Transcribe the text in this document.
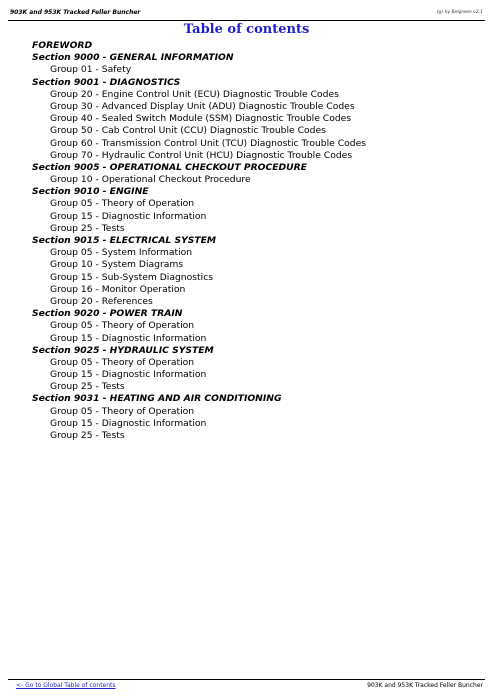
903K and 953K Tracked Feller Buncher	(g) by Belgreen v2.1
Table of contents
FOREWORD
Section 9000 - GENERAL INFORMATION
Group 01 - Safety
Section 9001 - DIAGNOSTICS
Group 20 - Engine Control Unit (ECU) Diagnostic Trouble Codes
Group 30 - Advanced Display Unit (ADU) Diagnostic Trouble Codes
Group 40 - Sealed Switch Module (SSM) Diagnostic Trouble Codes
Group 50 - Cab Control Unit (CCU) Diagnostic Trouble Codes
Group 60 - Transmission Control Unit (TCU) Diagnostic Trouble Codes
Group 70 - Hydraulic Control Unit (HCU) Diagnostic Trouble Codes
Section 9005 - OPERATIONAL CHECKOUT PROCEDURE
Group 10 - Operational Checkout Procedure
Section 9010 - ENGINE
Group 05 - Theory of Operation
Group 15 - Diagnostic Information
Group 25 - Tests
Section 9015 - ELECTRICAL SYSTEM
Group 05 - System Information
Group 10 - System Diagrams
Group 15 - Sub-System Diagnostics
Group 16 - Monitor Operation
Group 20 - References
Section 9020 - POWER TRAIN
Group 05 - Theory of Operation
Group 15 - Diagnostic Information
Section 9025 - HYDRAULIC SYSTEM
Group 05 - Theory of Operation
Group 15 - Diagnostic Information
Group 25 - Tests
Section 9031 - HEATING AND AIR CONDITIONING
Group 05 - Theory of Operation
Group 15 - Diagnostic Information
Group 25 - Tests
<- Go to Global Table of contents	903K and 953K Tracked Feller Buncher
